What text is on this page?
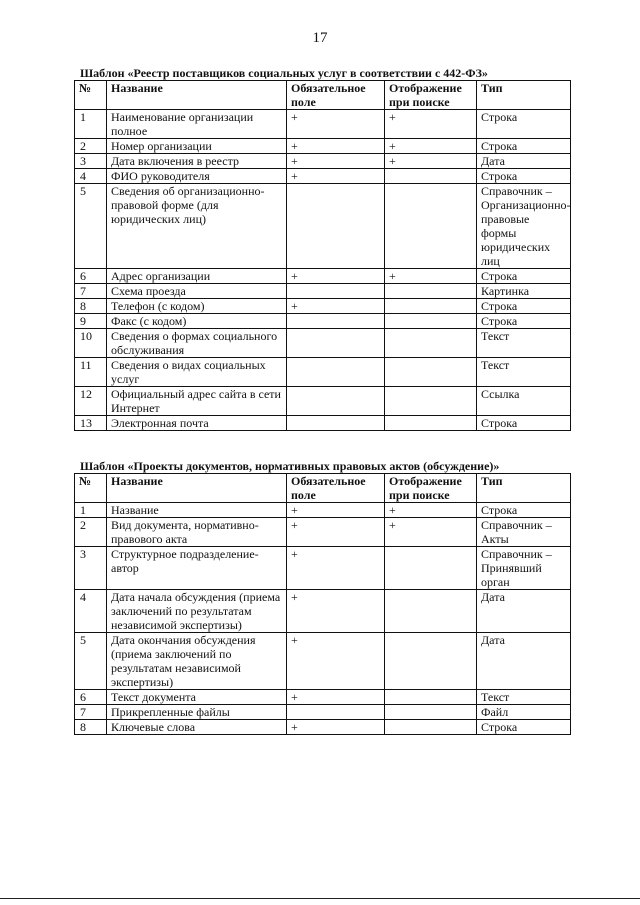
17
Шаблон «Реестр поставщиков социальных услуг в соответствии с 442-ФЗ»
№	Название	Обязательное поле	Отображение при поиске	Тип
1	Наименование организации полное	+	+	Строка
2	Номер организации	+	+	Строка
3	Дата включения в реестр	+	+	Дата
4	ФИО руководителя	+		Строка
5	Сведения об организационно-правовой форме (для юридических лиц)			Справочник – Организационно-правовые формы юридических лиц
6	Адрес организации	+	+	Строка
7	Схема проезда			Картинка
8	Телефон (с кодом)	+		Строка
9	Факс (с кодом)			Строка
10	Сведения о формах социального обслуживания			Текст
11	Сведения о видах социальных услуг			Текст
12	Официальный адрес сайта в сети Интернет			Ссылка
13	Электронная почта			Строка
Шаблон «Проекты документов, нормативных правовых актов (обсуждение)»
№	Название	Обязательное поле	Отображение при поиске	Тип
1	Название	+	+	Строка
2	Вид документа, нормативно-правового акта	+	+	Справочник – Акты
3	Структурное подразделение-автор	+		Справочник – Принявший орган
4	Дата начала обсуждения (приема заключений по результатам независимой экспертизы)	+		Дата
5	Дата окончания обсуждения (приема заключений по результатам независимой экспертизы)	+		Дата
6	Текст документа	+		Текст
7	Прикрепленные файлы			Файл
8	Ключевые слова	+		Строка
